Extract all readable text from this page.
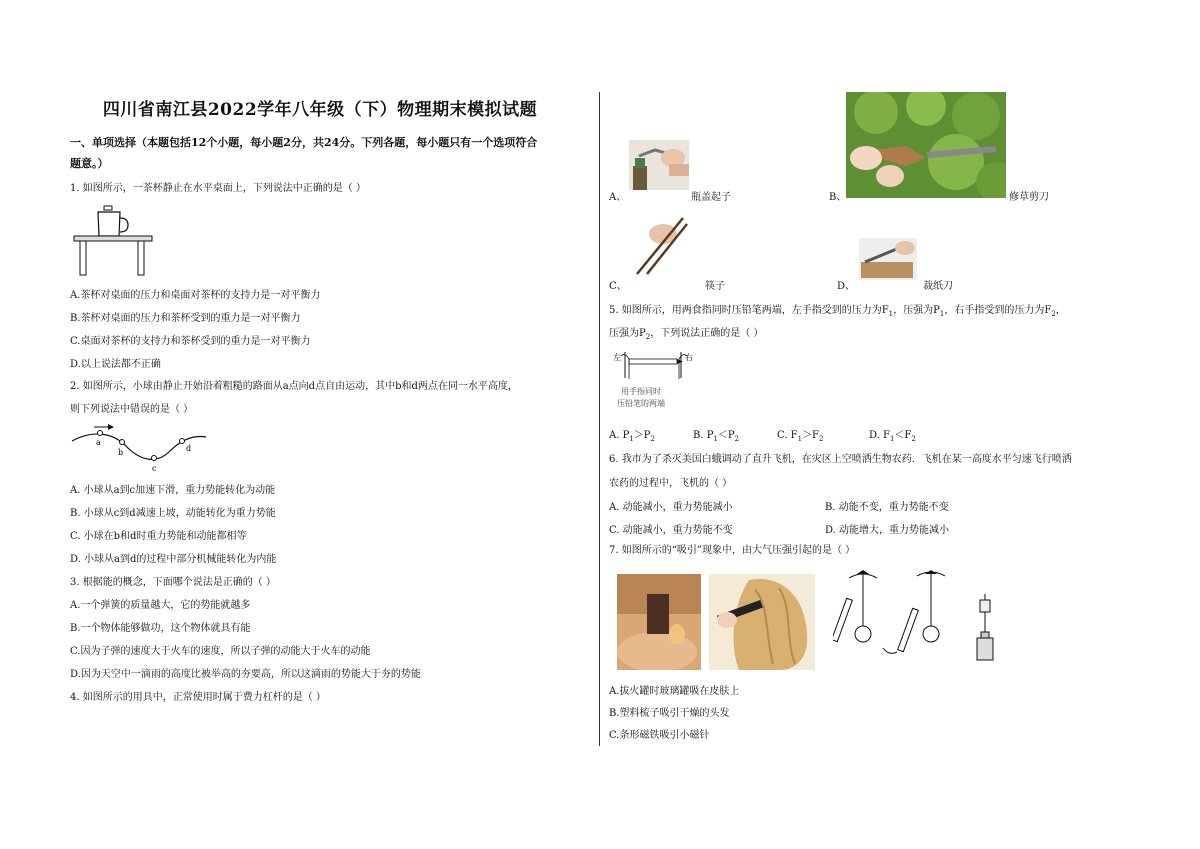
四川省南江县2022学年八年级（下）物理期末模拟试题
一、单项选择（本题包括12个小题，每小题2分，共24分。下列各题，每小题只有一个选项符合
题意。）
1. 如图所示，一茶杯静止在水平桌面上，下列说法中正确的是（ ）
A.茶杯对桌面的压力和桌面对茶杯的支持力是一对平衡力
B.茶杯对桌面的压力和茶杯受到的重力是一对平衡力
C.桌面对茶杯的支持力和茶杯受到的重力是一对平衡力
D.以上说法都不正确
2. 如图所示，小球由静止开始沿着粗糙的路面从a点向d点自由运动，其中b和d两点在同一水平高度，
则下列说法中错误的是（ ）
a
b
c
d
A. 小球从a到c加速下滑，重力势能转化为动能
B. 小球从c到d减速上坡，动能转化为重力势能
C. 小球在b和d时重力势能和动能都相等
D. 小球从a到d的过程中部分机械能转化为内能
3. 根据能的概念，下面哪个说法是正确的（ ）
A.一个弹簧的质量越大，它的势能就越多
B.一个物体能够做功，这个物体就具有能
C.因为子弹的速度大于火车的速度，所以子弹的动能大于火车的动能
D.因为天空中一滴雨的高度比被举高的夯要高，所以这滴雨的势能大于夯的势能
4. 如图所示的用具中，正常使用时属于费力杠杆的是（ ）
A、	瓶盖起子	B、	修草剪刀
C、	筷子	D、	裁纸刀
5. 如图所示，用两食指同时压铅笔两端，左手指受到的压力为$F_1$，压强为$P_1$，右手指受到的压力为$F_2$，
压强为$P_2$，下列说法正确的是（ ）
左	右
用手指同时
压铅笔的两端
A. $P_1>P_2$	B. $P_1<P_2$	C. $F_1>F_2$	D. $F_1<F_2$
6. 我市为了杀灭美国白蛾调动了直升飞机，在灾区上空喷洒生物农药．飞机在某一高度水平匀速飞行喷洒
农药的过程中，飞机的（ ）
A. 动能减小，重力势能减小	B. 动能不变，重力势能不变
C. 动能减小，重力势能不变	D. 动能增大，重力势能减小
7. 如图所示的“吸引”现象中，由大气压强引起的是（ ）
A.拔火罐时玻璃罐吸在皮肤上
B.塑料梳子吸引干燥的头发
C.条形磁铁吸引小磁针
